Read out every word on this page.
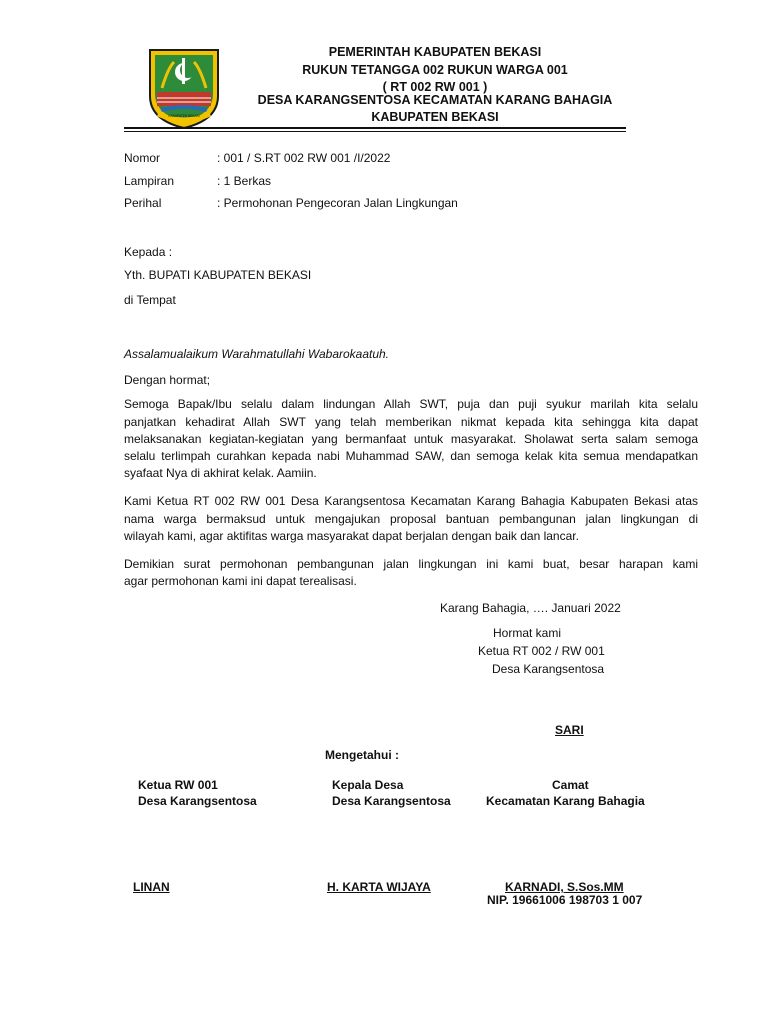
KABUPATEN BEKASI
PEMERINTAH KABUPATEN BEKASI
RUKUN TETANGGA 002 RUKUN WARGA 001
( RT 002 RW 001 )
DESA KARANGSENTOSA KECAMATAN KARANG BAHAGIA
KABUPATEN BEKASI
Nomor	: 001 / S.RT 002 RW 001 /I/2022
Lampiran	: 1 Berkas
Perihal	: Permohonan Pengecoran Jalan Lingkungan
Kepada :
Yth. BUPATI KABUPATEN BEKASI
di Tempat
Assalamualaikum Warahmatullahi Wabarokaatuh.
Dengan hormat;
Semoga Bapak/Ibu selalu dalam lindungan Allah SWT, puja dan puji syukur marilah kita selalu
panjatkan kehadirat Allah SWT yang telah memberikan nikmat kepada kita sehingga kita dapat
melaksanakan kegiatan-kegiatan yang bermanfaat untuk masyarakat. Sholawat serta salam semoga
selalu terlimpah curahkan kepada nabi Muhammad SAW, dan semoga kelak kita semua mendapatkan
syafaat Nya di akhirat kelak. Aamiin.
Kami Ketua RT 002 RW 001 Desa Karangsentosa Kecamatan Karang Bahagia Kabupaten Bekasi atas
nama warga bermaksud untuk mengajukan proposal bantuan pembangunan jalan lingkungan di
wilayah kami, agar aktifitas warga masyarakat dapat berjalan dengan baik dan lancar.
Demikian surat permohonan pembangunan jalan lingkungan ini kami buat, besar harapan kami
agar permohonan kami ini dapat terealisasi.
Karang Bahagia, …. Januari 2022
Hormat kami
Ketua RT 002 / RW 001
Desa Karangsentosa
SARI
Mengetahui :
Ketua RW 001
Desa Karangsentosa
LINAN
Kepala Desa
Desa Karangsentosa
H. KARTA WIJAYA
Camat
Kecamatan Karang Bahagia
KARNADI, S.Sos.MM
NIP. 19661006 198703 1 007
